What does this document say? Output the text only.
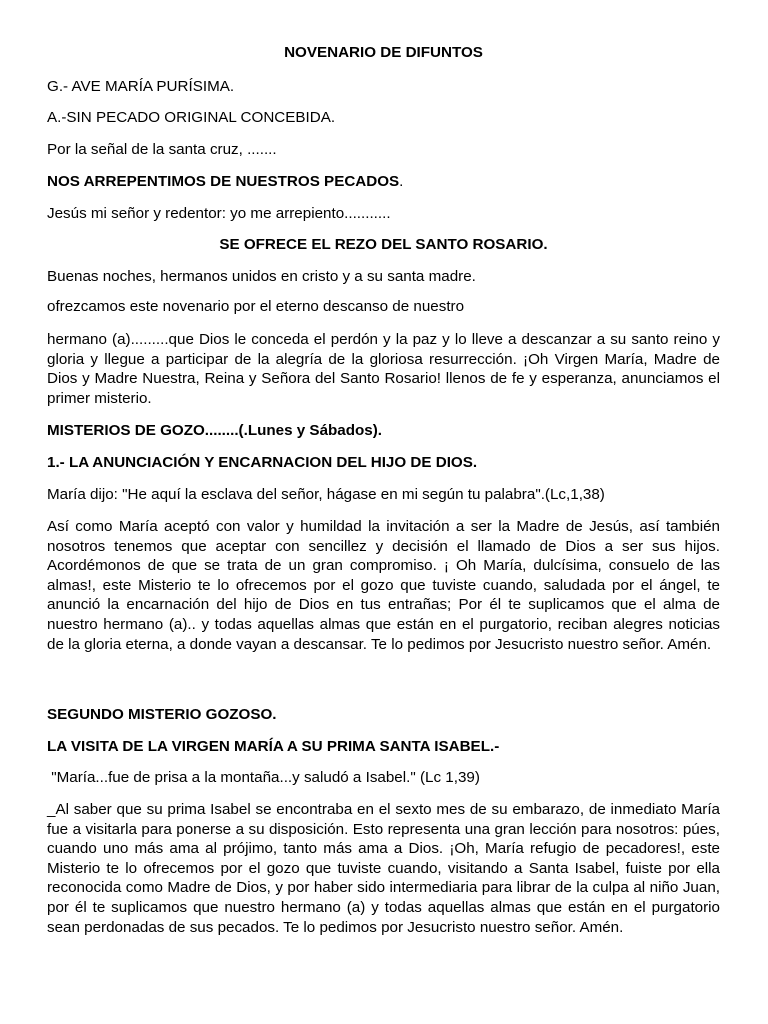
NOVENARIO DE DIFUNTOS

G.- AVE MARÍA PURÍSIMA.

A.-SIN PECADO ORIGINAL CONCEBIDA.

Por la señal de la santa cruz, .......

NOS ARREPENTIMOS DE NUESTROS PECADOS.

Jesús mi señor y redentor: yo me arrepiento...........

SE OFRECE EL REZO DEL SANTO ROSARIO.

Buenas noches, hermanos unidos en cristo y a su santa madre.

ofrezcamos este novenario por el eterno descanso de nuestro

hermano (a).........que Dios le conceda el perdón y la paz y lo lleve a descanzar a su santo reino y gloria y llegue a participar de la alegría de la gloriosa resurrección. ¡Oh Virgen María, Madre de Dios y Madre Nuestra, Reina y Señora del Santo Rosario! llenos de fe y esperanza, anunciamos el primer misterio.

MISTERIOS DE GOZO........(.Lunes y Sábados).

1.- LA ANUNCIACIÓN Y ENCARNACION DEL HIJO DE DIOS.

María dijo: "He aquí la esclava del señor, hágase en mi según tu palabra".(Lc,1,38)

Así como María aceptó con valor y humildad la invitación a ser la Madre de Jesús, así también nosotros tenemos que aceptar con sencillez y decisión el llamado de Dios a ser sus hijos. Acordémonos de que se trata de un gran compromiso. ¡ Oh María, dulcísima, consuelo de las almas!, este Misterio te lo ofrecemos por el gozo que tuviste cuando, saludada por el ángel, te anunció la encarnación del hijo de Dios en tus entrañas; Por él te suplicamos que el alma de nuestro hermano (a).. y todas aquellas almas que están en el purgatorio, reciban alegres noticias de la gloria eterna, a donde vayan a descansar. Te lo pedimos por Jesucristo nuestro señor. Amén.

SEGUNDO MISTERIO GOZOSO.

LA VISITA DE LA VIRGEN MARÍA A SU PRIMA SANTA ISABEL.-

"María...fue de prisa a la montaña...y saludó a Isabel." (Lc 1,39)

_Al saber que su prima Isabel se encontraba en el sexto mes de su embarazo, de inmediato María fue a visitarla para ponerse a su disposición. Esto representa una gran lección para nosotros: púes, cuando uno más ama al prójimo, tanto más ama a Dios. ¡Oh, María refugio de pecadores!, este Misterio te lo ofrecemos por el gozo que tuviste cuando, visitando a Santa Isabel, fuiste por ella reconocida como Madre de Dios, y por haber sido intermediaria para librar de la culpa al niño Juan, por él te suplicamos que nuestro hermano (a) y todas aquellas almas que están en el purgatorio sean perdonadas de sus pecados. Te lo pedimos por Jesucristo nuestro señor. Amén.
